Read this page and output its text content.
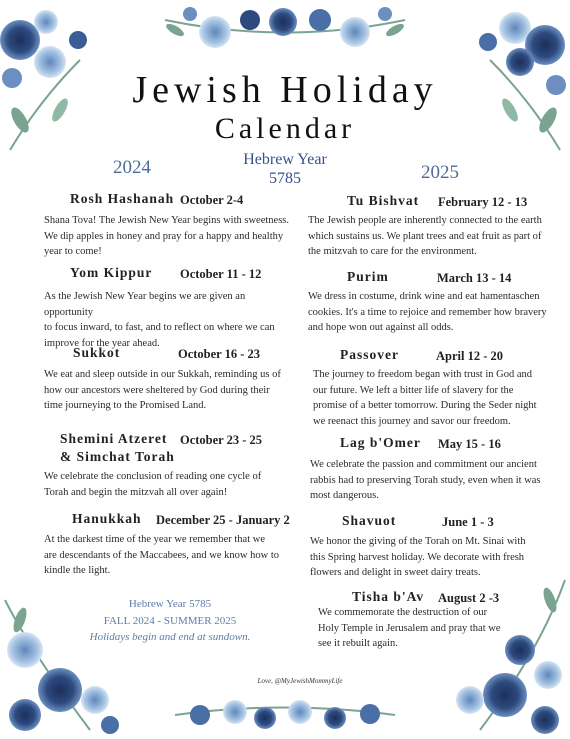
Jewish Holiday
Calendar
2024	2025
Hebrew Year
5785
Rosh Hashanah October 2-4
Shana Tova! The Jewish New Year begins with sweetness.
We dip apples in honey and pray for a happy and healthy
year to come!
Yom Kippur October 11 - 12
As the Jewish New Year begins we are given an opportunity
to focus inward, to fast, and to reflect on where we can
improve for the year ahead.
Sukkot	October 16 - 23
We eat and sleep outside in our Sukkah, reminding us of
how our ancestors were sheltered by God during their
time journeying to the Promised Land.
Shemini Atzeret
& Simchat Torah
October 23 - 25
We celebrate the conclusion of reading one cycle of
Torah and begin the mitzvah all over again!
Hanukkah December 25 - January 2
At the darkest time of the year we remember that we
are descendants of the Maccabees, and we know how to
kindle the light.
Tu Bishvat February 12 - 13
The Jewish people are inherently connected to the earth
which sustains us. We plant trees and eat fruit as part of
the mitzvah to care for the environment.
Purim	March 13 - 14
We dress in costume, drink wine and eat hamentaschen
cookies. It's a time to rejoice and remember how bravery
and hope won out against all odds.
Passover	April 12 - 20
The journey to freedom began with trust in God and
our future. We left a bitter life of slavery for the
promise of a better tomorrow. During the Seder night
we reenact this journey and savor our freedom.
Lag b'Omer May 15 - 16
We celebrate the passion and commitment our ancient
rabbis had to preserving Torah study, even when it was
most dangerous.
Shavuot	June 1 - 3
We honor the giving of the Torah on Mt. Sinai with
this Spring harvest holiday. We decorate with fresh
flowers and delight in sweet dairy treats.
Tisha b'Av August 2 -3
We commemorate the destruction of our
Holy Temple in Jerusalem and pray that we
see it rebuilt again.
Hebrew Year 5785
FALL 2024 - SUMMER 2025
Holidays begin and end at sundown.
Love, @MyJewishMommyLife
